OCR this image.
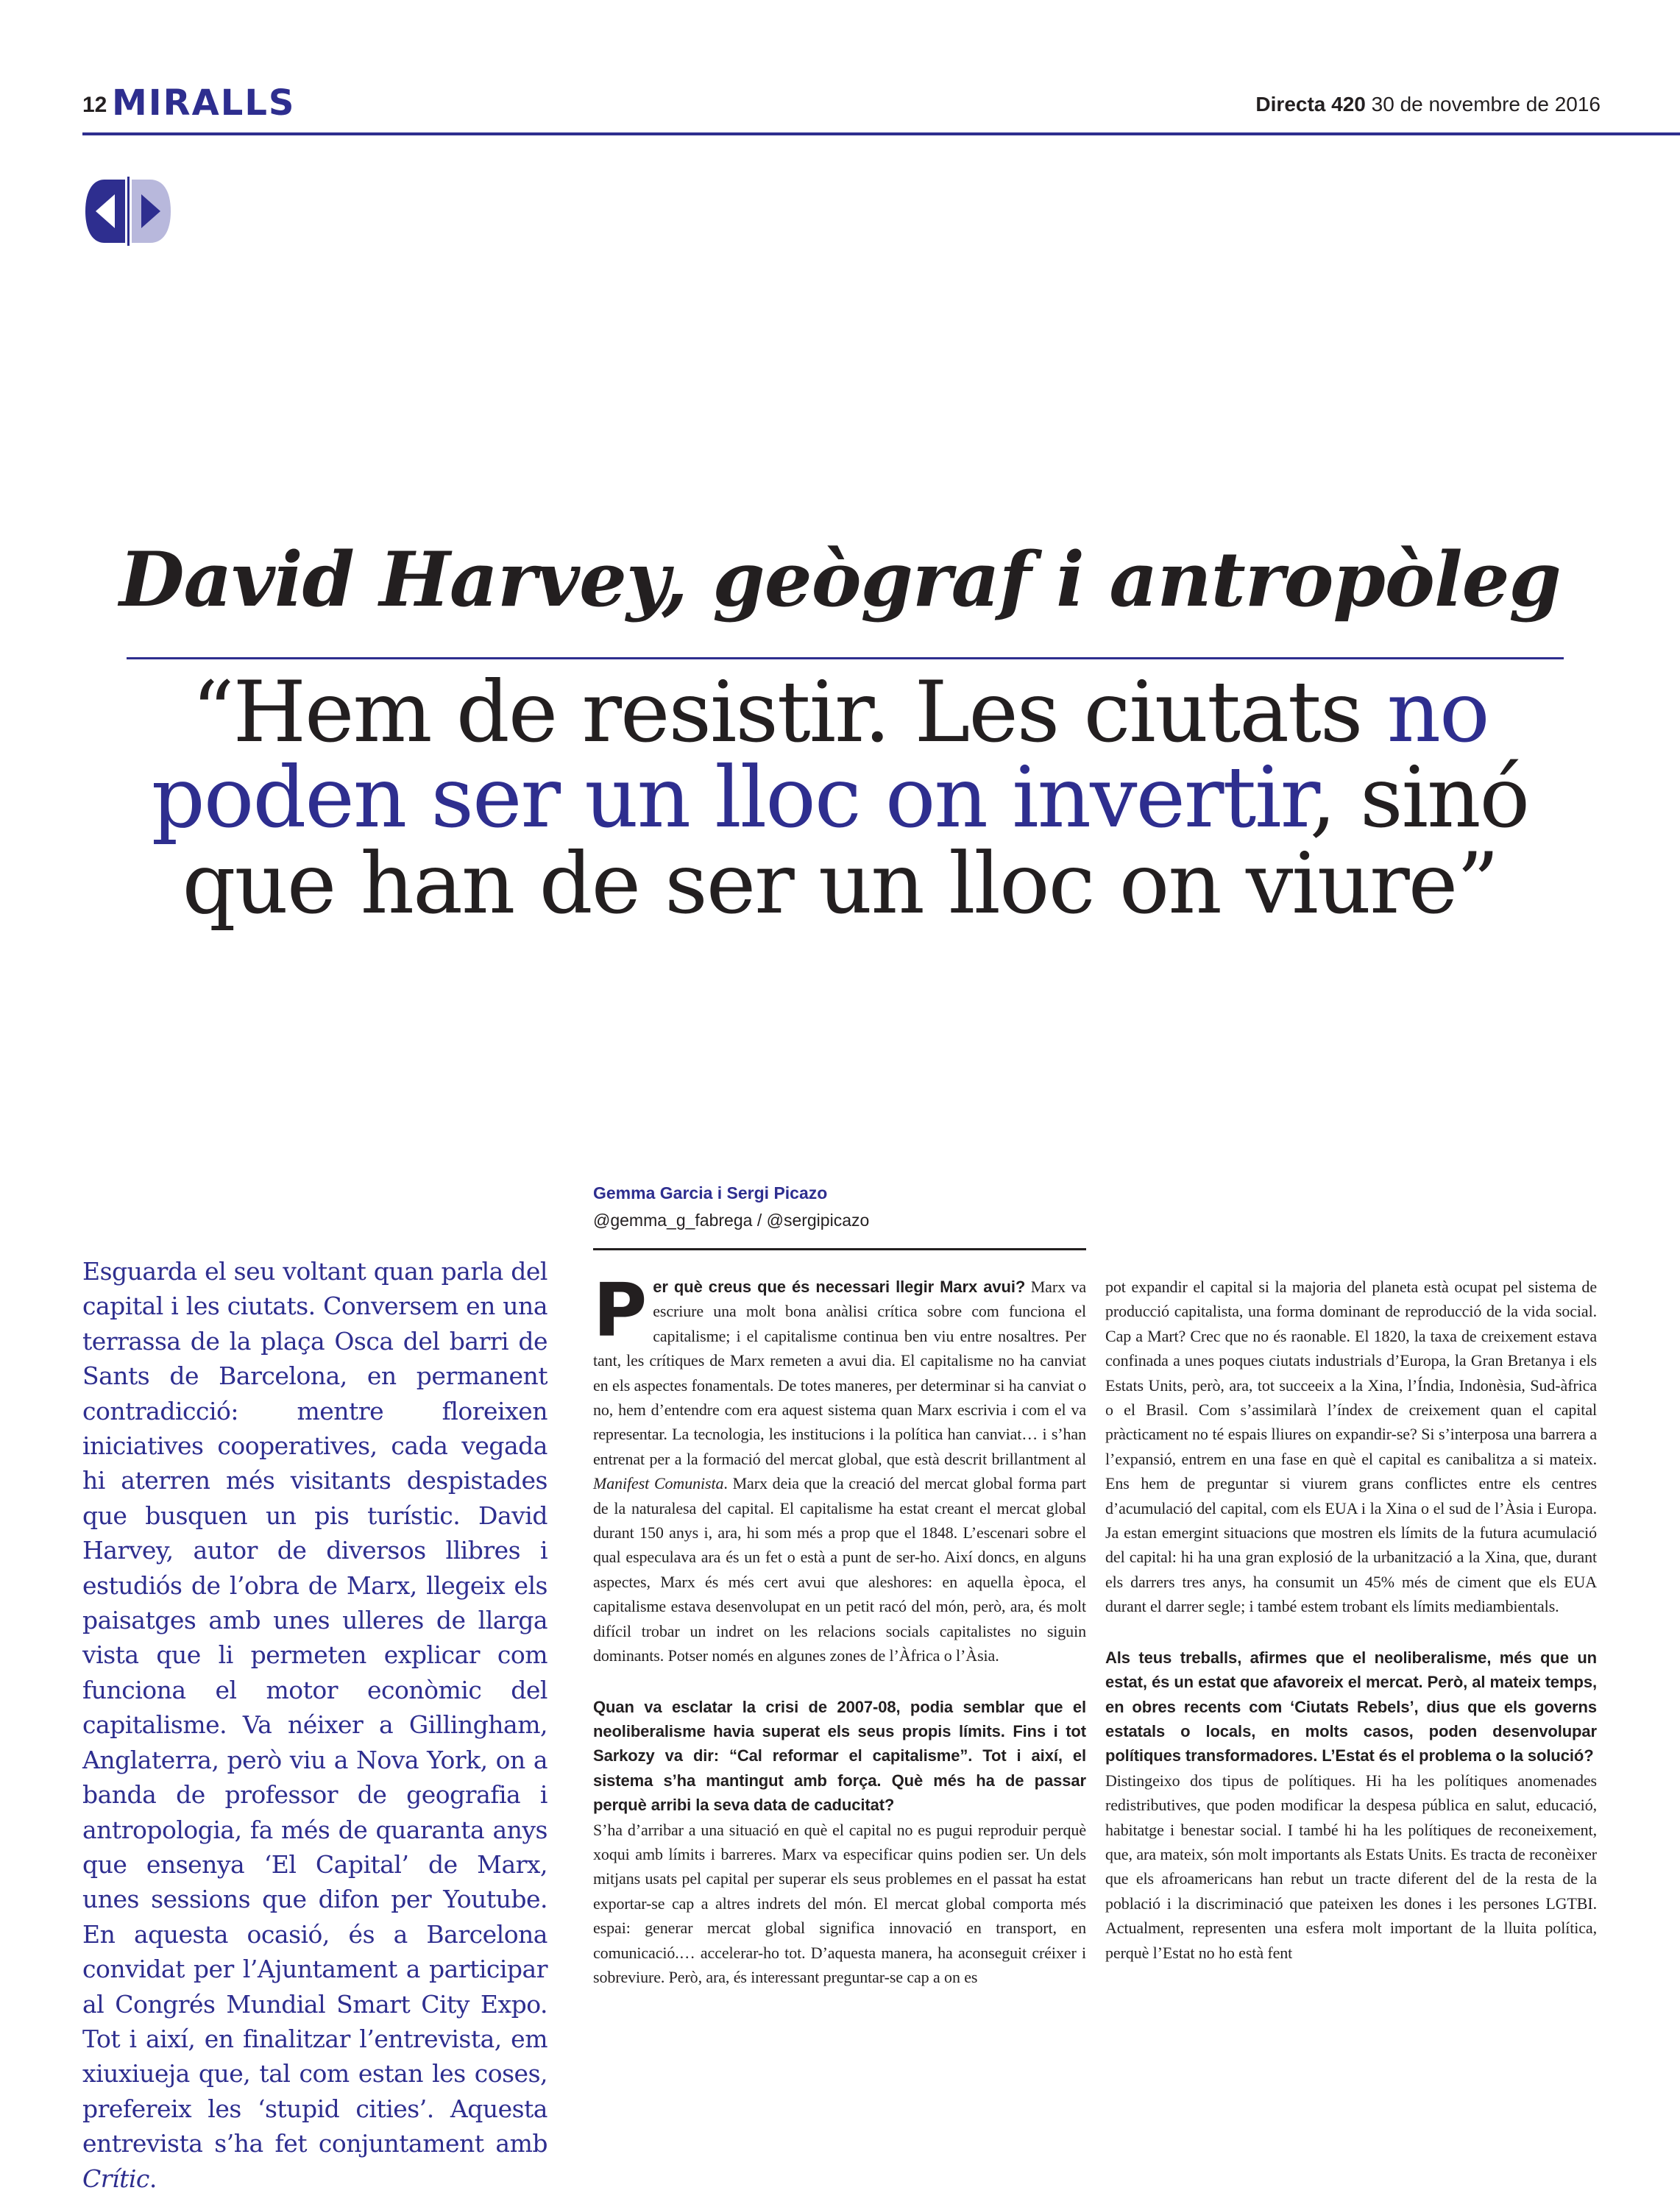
12 MIRALLS	Directa 420 30 de novembre de 2016
David Harvey, geògraf i antropòleg
“Hem de resistir. Les ciutats no poden ser un lloc on invertir, sinó que han de ser un lloc on viure”

Esguarda el seu voltant quan parla del capital i les ciutats. Conversem en una terrassa de la plaça Osca del barri de Sants de Barcelona, en permanent contradicció: mentre floreixen iniciatives cooperatives, cada vegada hi aterren més visitants despistades que busquen un pis turístic. David Harvey, autor de diversos llibres i estudiós de l’obra de Marx, llegeix els paisatges amb unes ulleres de llarga vista que li permeten explicar com funciona el motor econòmic del capitalisme. Va néixer a Gillingham, Anglaterra, però viu a Nova York, on a banda de professor de geografia i antropologia, fa més de quaranta anys que ensenya ‘El Capital’ de Marx, unes sessions que difon per Youtube. En aquesta ocasió, és a Barcelona convidat per l’Ajuntament a participar al Congrés Mundial Smart City Expo. Tot i així, en finalitzar l’entrevista, em xiuxiueja que, tal com estan les coses, prefereix les ‘stupid cities’. Aquesta entrevista s’ha fet conjuntament amb Crític.

Gemma Garcia i Sergi Picazo
@gemma_g_fabrega / @sergipicazo

Per què creus que és necessari llegir Marx avui? Marx va escriure una molt bona anàlisi crítica sobre com funciona el capitalisme; i el capitalisme continua ben viu entre nosaltres. Per tant, les crítiques de Marx remeten a avui dia. El capitalisme no ha canviat en els aspectes fonamentals. De totes maneres, per determinar si ha canviat o no, hem d’entendre com era aquest sistema quan Marx escrivia i com el va representar. La tecnologia, les institucions i la política han canviat… i s’han entrenat per a la formació del mercat global, que està descrit brillantment al Manifest Comunista. Marx deia que la creació del mercat global forma part de la naturalesa del capital. El capitalisme ha estat creant el mercat global durant 150 anys i, ara, hi som més a prop que el 1848. L’escenari sobre el qual especulava ara és un fet o està a punt de ser-ho. Així doncs, en alguns aspectes, Marx és més cert avui que aleshores: en aquella època, el capitalisme estava desenvolupat en un petit racó del món, però, ara, és molt difícil trobar un indret on les relacions socials capitalistes no siguin dominants. Potser només en algunes zones de l’Àfrica o l’Àsia.

Quan va esclatar la crisi de 2007-08, podia semblar que el neoliberalisme havia superat els seus propis límits. Fins i tot Sarkozy va dir: “Cal reformar el capitalisme”. Tot i així, el sistema s’ha mantingut amb força. Què més ha de passar perquè arribi la seva data de caducitat?

S’ha d’arribar a una situació en què el capital no es pugui reproduir perquè xoqui amb límits i barreres. Marx va especificar quins podien ser. Un dels mitjans usats pel capital per superar els seus problemes en el passat ha estat exportar-se cap a altres indrets del món. El mercat global comporta més espai: generar mercat global significa innovació en transport, en comunicació.… accelerar-ho tot. D’aquesta manera, ha aconseguit créixer i sobreviure. Però, ara, és interessant preguntar-se cap a on es

pot expandir el capital si la majoria del planeta està ocupat pel sistema de producció capitalista, una forma dominant de reproducció de la vida social. Cap a Mart? Crec que no és raonable. El 1820, la taxa de creixement estava confinada a unes poques ciutats industrials d’Europa, la Gran Bretanya i els Estats Units, però, ara, tot succeeix a la Xina, l’Índia, Indonèsia, Sud-àfrica o el Brasil. Com s’assimilarà l’índex de creixement quan el capital pràcticament no té espais lliures on expandir-se? Si s’interposa una barrera a l’expansió, entrem en una fase en què el capital es canibalitza a si mateix. Ens hem de preguntar si viurem grans conflictes entre els centres d’acumulació del capital, com els EUA i la Xina o el sud de l’Àsia i Europa. Ja estan emergint situacions que mostren els límits de la futura acumulació del capital: hi ha una gran explosió de la urbanització a la Xina, que, durant els darrers tres anys, ha consumit un 45% més de ciment que els EUA durant el darrer segle; i també estem trobant els límits mediambientals.

Als teus treballs, afirmes que el neoliberalisme, més que un estat, és un estat que afavoreix el mercat. Però, al mateix temps, en obres recents com ‘Ciutats Rebels’, dius que els governs estatals o locals, en molts casos, poden desenvolupar polítiques transformadores. L’Estat és el problema o la solució?

Distingeixo dos tipus de polítiques. Hi ha les polítiques anomenades redistributives, que poden modificar la despesa pública en salut, educació, habitatge i benestar social. I també hi ha les polítiques de reconeixement, que, ara mateix, són molt importants als Estats Units. Es tracta de reconèixer que els afroamericans han rebut un tracte diferent del de la resta de la població i la discriminació que pateixen les dones i les persones LGTBI. Actualment, representen una esfera molt important de la lluita política, perquè l’Estat no ho està fent
